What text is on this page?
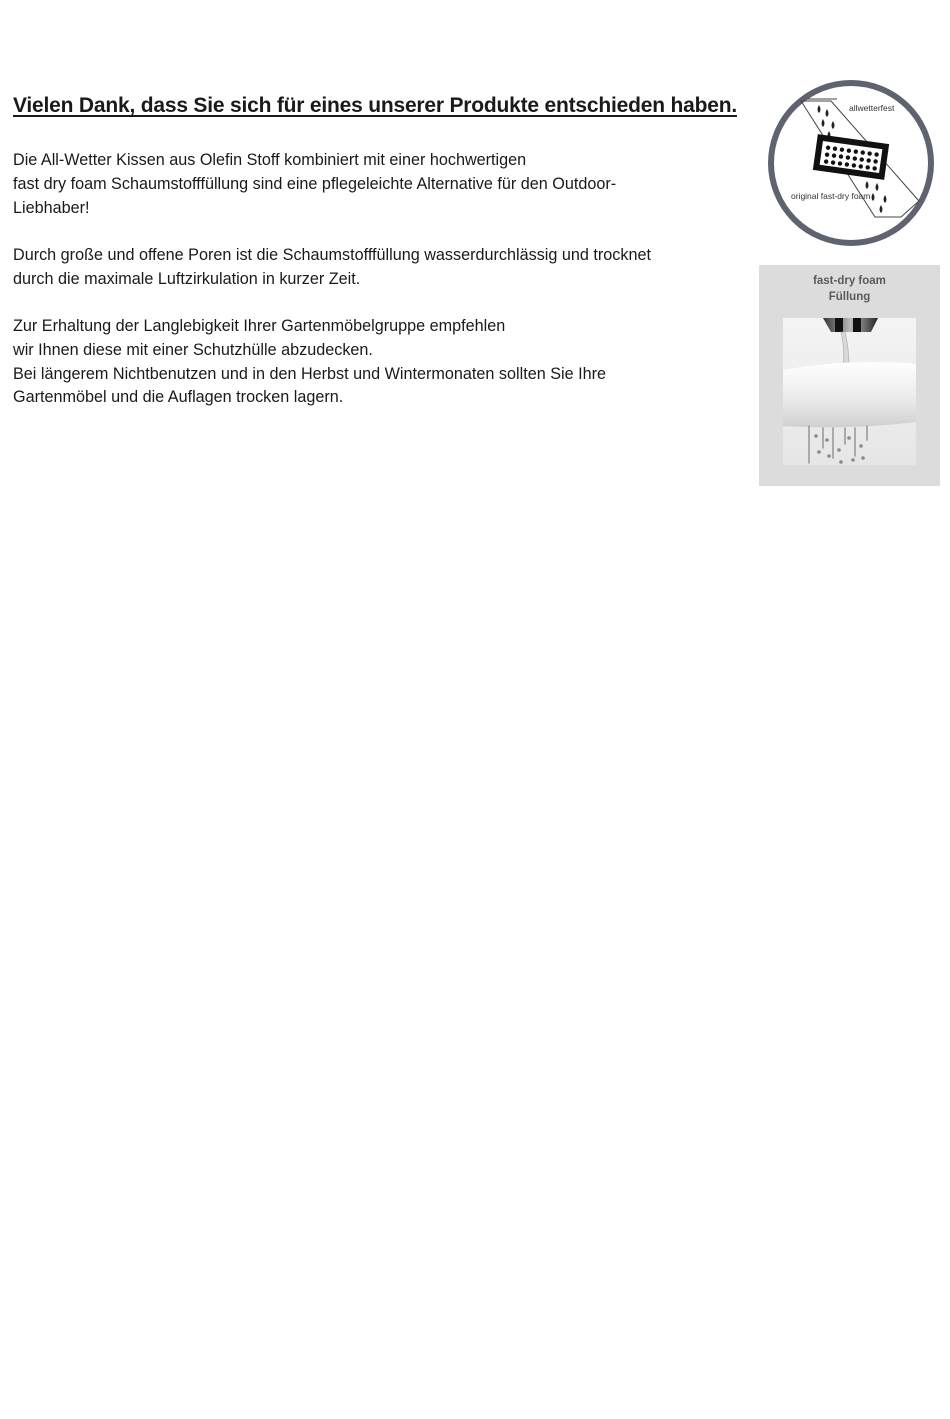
Vielen Dank, dass Sie sich für eines unserer Produkte entschieden haben.

Die All-Wetter Kissen aus Olefin Stoff kombiniert mit einer hochwertigen
fast dry foam Schaumstofffüllung sind eine pflegeleichte Alternative für den Outdoor-
Liebhaber!

Durch große und offene Poren ist die Schaumstofffüllung wasserdurchlässig und trocknet
durch die maximale Luftzirkulation in kurzer Zeit.

Zur Erhaltung der Langlebigkeit Ihrer Gartenmöbelgruppe empfehlen
wir Ihnen diese mit einer Schutzhülle abzudecken.
Bei längerem Nichtbenutzen und in den Herbst und Wintermonaten sollten Sie Ihre
Gartenmöbel und die Auflagen trocken lagern.

allwetterfest
original fast-dry foam
fast-dry foam
Füllung
